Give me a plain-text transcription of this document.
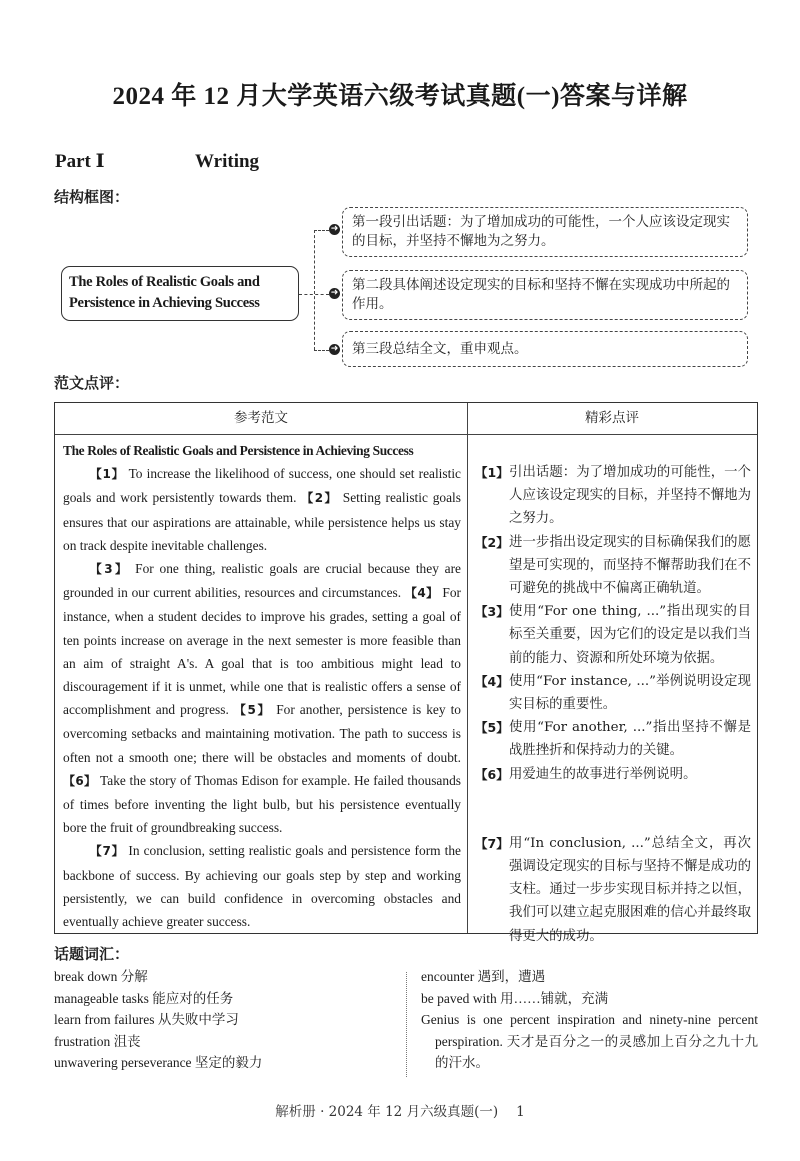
2024 年 12 月大学英语六级考试真题(一)答案与详解
Part Ⅰ	Writing
结构框图：
The Roles of Realistic Goals and Persistence in Achieving Success
➜
➜
➜
第一段引出话题：为了增加成功的可能性，一个人应该设定现实的目标，并坚持不懈地为之努力。
第二段具体阐述设定现实的目标和坚持不懈在实现成功中所起的作用。
第三段总结全文，重申观点。
范文点评：
参考范文	精彩点评
The Roles of Realistic Goals and Persistence in Achieving Success

【1】 To increase the likelihood of success, one should set realistic goals and work persistently towards them. 【2】 Setting realistic goals ensures that our aspirations are attainable, while persistence helps us stay on track despite inevitable challenges.

【3】 For one thing, realistic goals are crucial because they are grounded in our current abilities, resources and circumstances. 【4】 For instance, when a student decides to improve his grades, setting a goal of ten points increase on average in the next semester is more feasible than an aim of straight A's. A goal that is too ambitious might lead to discouragement if it is unmet, while one that is realistic offers a sense of accomplishment and progress. 【5】 For another, persistence is key to overcoming setbacks and maintaining motivation. The path to success is often not a smooth one; there will be obstacles and moments of doubt. 【6】 Take the story of Thomas Edison for example. He failed thousands of times before inventing the light bulb, but his persistence eventually bore the fruit of groundbreaking success.

【7】 In conclusion, setting realistic goals and persistence form the backbone of success. By achieving our goals step by step and working persistently, we can build confidence in overcoming obstacles and eventually achieve greater success.

【1】 引出话题：为了增加成功的可能性，一个人应该设定现实的目标，并坚持不懈地为之努力。
【2】 进一步指出设定现实的目标确保我们的愿望是可实现的，而坚持不懈帮助我们在不可避免的挑战中不偏离正确轨道。
【3】 使用“For one thing, ...”指出现实的目标至关重要，因为它们的设定是以我们当前的能力、资源和所处环境为依据。
【4】 使用“For instance, ...”举例说明设定现实目标的重要性。
【5】 使用“For another, ...”指出坚持不懈是战胜挫折和保持动力的关键。
【6】 用爱迪生的故事进行举例说明。
【7】 用“In conclusion, ...”总结全文，再次强调设定现实的目标与坚持不懈是成功的支柱。通过一步步实现目标并持之以恒，我们可以建立起克服困难的信心并最终取得更大的成功。
话题词汇：
break down 分解
manageable tasks 能应对的任务
learn from failures 从失败中学习
frustration 沮丧
unwavering perseverance 坚定的毅力
encounter 遇到，遭遇
be paved with 用……铺就，充满
Genius is one percent inspiration and ninety-nine percent perspiration. 天才是百分之一的灵感加上百分之九十九的汗水。
解析册 · 2024 年 12 月六级真题(一) 1
